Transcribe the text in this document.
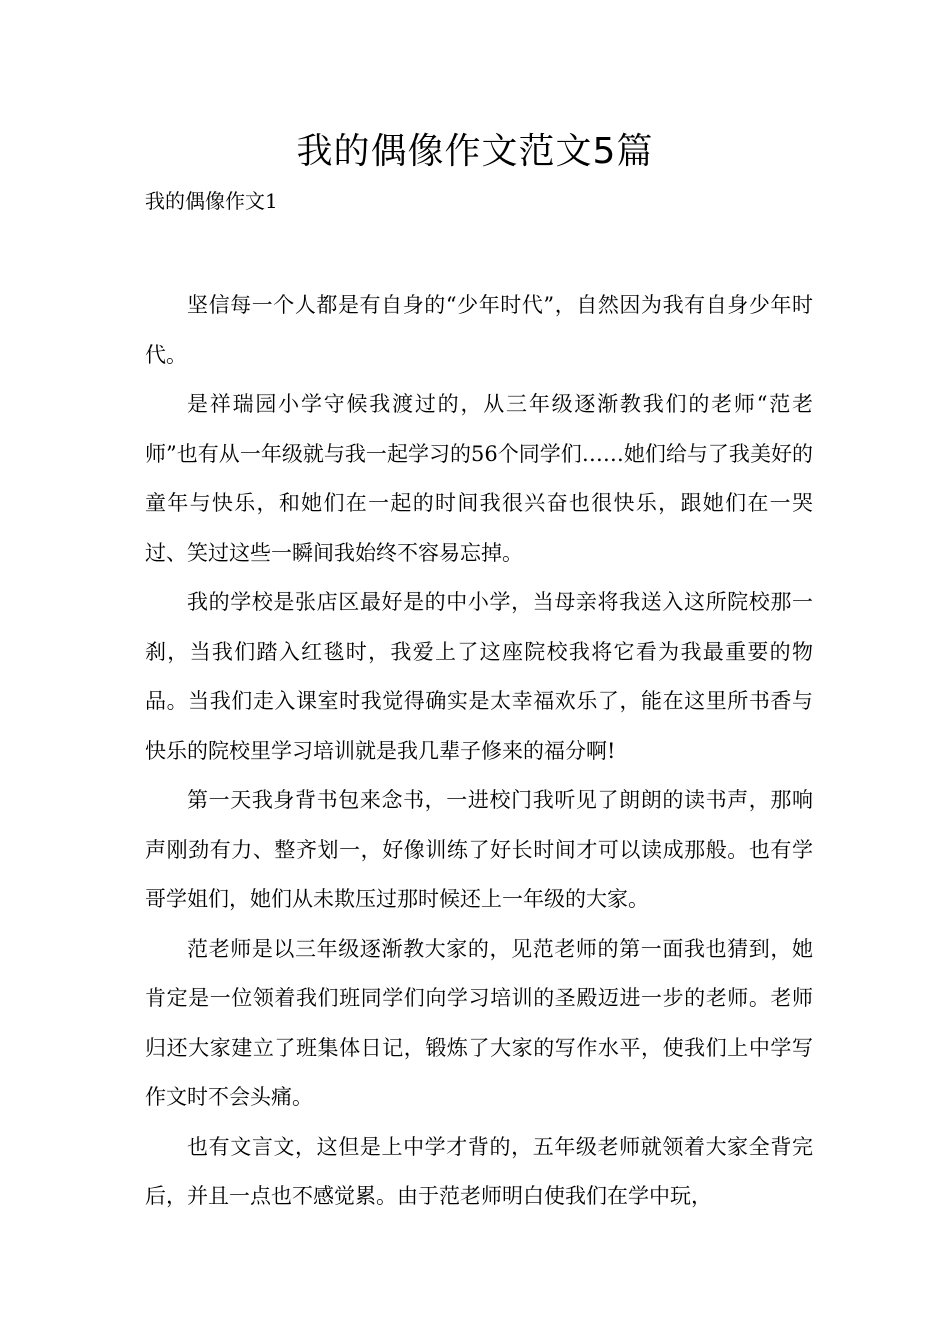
我的偶像作文范文5篇
我的偶像作文1

坚信每一个人都是有自身的“少年时代”，自然因为我有自身少年时代。

是祥瑞园小学守候我渡过的，从三年级逐渐教我们的老师“范老师”也有从一年级就与我一起学习的56个同学们……她们给与了我美好的童年与快乐，和她们在一起的时间我很兴奋也很快乐，跟她们在一哭过、笑过这些一瞬间我始终不容易忘掉。

我的学校是张店区最好是的中小学，当母亲将我送入这所院校那一刹，当我们踏入红毯时，我爱上了这座院校我将它看为我最重要的物品。当我们走入课室时我觉得确实是太幸福欢乐了，能在这里所书香与快乐的院校里学习培训就是我几辈子修来的福分啊!

第一天我身背书包来念书，一进校门我听见了朗朗的读书声，那响声刚劲有力、整齐划一，好像训练了好长时间才可以读成那般。也有学哥学姐们，她们从未欺压过那时候还上一年级的大家。

范老师是以三年级逐渐教大家的，见范老师的第一面我也猜到，她肯定是一位领着我们班同学们向学习培训的圣殿迈进一步的老师。老师归还大家建立了班集体日记，锻炼了大家的写作水平，使我们上中学写作文时不会头痛。

也有文言文，这但是上中学才背的，五年级老师就领着大家全背完后，并且一点也不感觉累。由于范老师明白使我们在学中玩，
